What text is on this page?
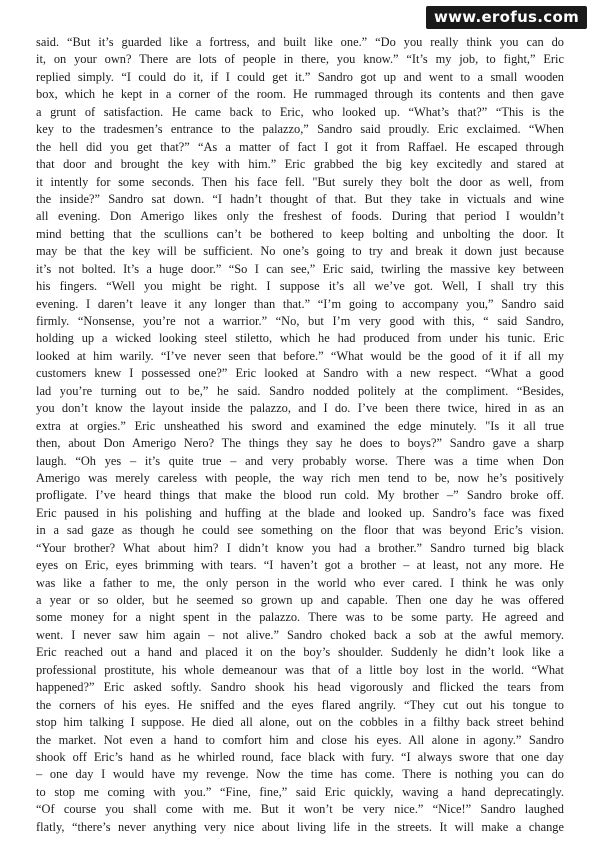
www.erofus.com
said. “But it’s guarded like a fortress, and built like one.” “Do you really think you can do
it, on your own? There are lots of people in there, you know.” “It’s my job, to fight,” Eric
replied simply. “I could do it, if I could get it.” Sandro got up and went to a small wooden
box, which he kept in a corner of the room. He rummaged through its contents and then gave
a grunt of satisfaction. He came back to Eric, who looked up. “What’s that?” “This is the
key to the tradesmen’s entrance to the palazzo,” Sandro said proudly. Eric exclaimed. “When
the hell did you get that?” “As a matter of fact I got it from Raffael. He escaped through
that door and brought the key with him.” Eric grabbed the big key excitedly and stared at
it intently for some seconds. Then his face fell. "But surely they bolt the door as well, from
the inside?” Sandro sat down. “I hadn’t thought of that. But they take in victuals and wine
all evening. Don Amerigo likes only the freshest of foods. During that period I wouldn’t
mind betting that the scullions can’t be bothered to keep bolting and unbolting the door. It
may be that the key will be sufficient. No one’s going to try and break it down just because
it’s not bolted. It’s a huge door.” “So I can see,” Eric said, twirling the massive key between
his fingers. “Well you might be right. I suppose it’s all we’ve got. Well, I shall try this
evening. I daren’t leave it any longer than that.” “I’m going to accompany you,” Sandro said
firmly. “Nonsense, you’re not a warrior.” “No, but I’m very good with this, “ said Sandro,
holding up a wicked looking steel stiletto, which he had produced from under his tunic. Eric
looked at him warily. “I’ve never seen that before.” “What would be the good of it if all my
customers knew I possessed one?” Eric looked at Sandro with a new respect. “What a good
lad you’re turning out to be,” he said. Sandro nodded politely at the compliment. “Besides,
you don’t know the layout inside the palazzo, and I do. I’ve been there twice, hired in as an
extra at orgies.” Eric unsheathed his sword and examined the edge minutely. "Is it all true
then, about Don Amerigo Nero? The things they say he does to boys?” Sandro gave a sharp
laugh. “Oh yes – it’s quite true – and very probably worse. There was a time when Don
Amerigo was merely careless with people, the way rich men tend to be, now he’s positively
profligate. I’ve heard things that make the blood run cold. My brother –” Sandro broke off.
Eric paused in his polishing and huffing at the blade and looked up. Sandro’s face was fixed
in a sad gaze as though he could see something on the floor that was beyond Eric’s vision.
“Your brother? What about him? I didn’t know you had a brother.” Sandro turned big black
eyes on Eric, eyes brimming with tears. “I haven’t got a brother – at least, not any more. He
was like a father to me, the only person in the world who ever cared. I think he was only
a year or so older, but he seemed so grown up and capable. Then one day he was offered
some money for a night spent in the palazzo. There was to be some party. He agreed and
went. I never saw him again – not alive.” Sandro choked back a sob at the awful memory.
Eric reached out a hand and placed it on the boy’s shoulder. Suddenly he didn’t look like a
professional prostitute, his whole demeanour was that of a little boy lost in the world. “What
happened?” Eric asked softly. Sandro shook his head vigorously and flicked the tears from
the corners of his eyes. He sniffed and the eyes flared angrily. “They cut out his tongue to
stop him talking I suppose. He died all alone, out on the cobbles in a filthy back street behind
the market. Not even a hand to comfort him and close his eyes. All alone in agony.” Sandro
shook off Eric’s hand as he whirled round, face black with fury. “I always swore that one day
– one day I would have my revenge. Now the time has come. There is nothing you can do
to stop me coming with you.” “Fine, fine,” said Eric quickly, waving a hand deprecatingly.
“Of course you shall come with me. But it won’t be very nice.” “Nice!” Sandro laughed
flatly, “there’s never anything very nice about living life in the streets. It will make a change
